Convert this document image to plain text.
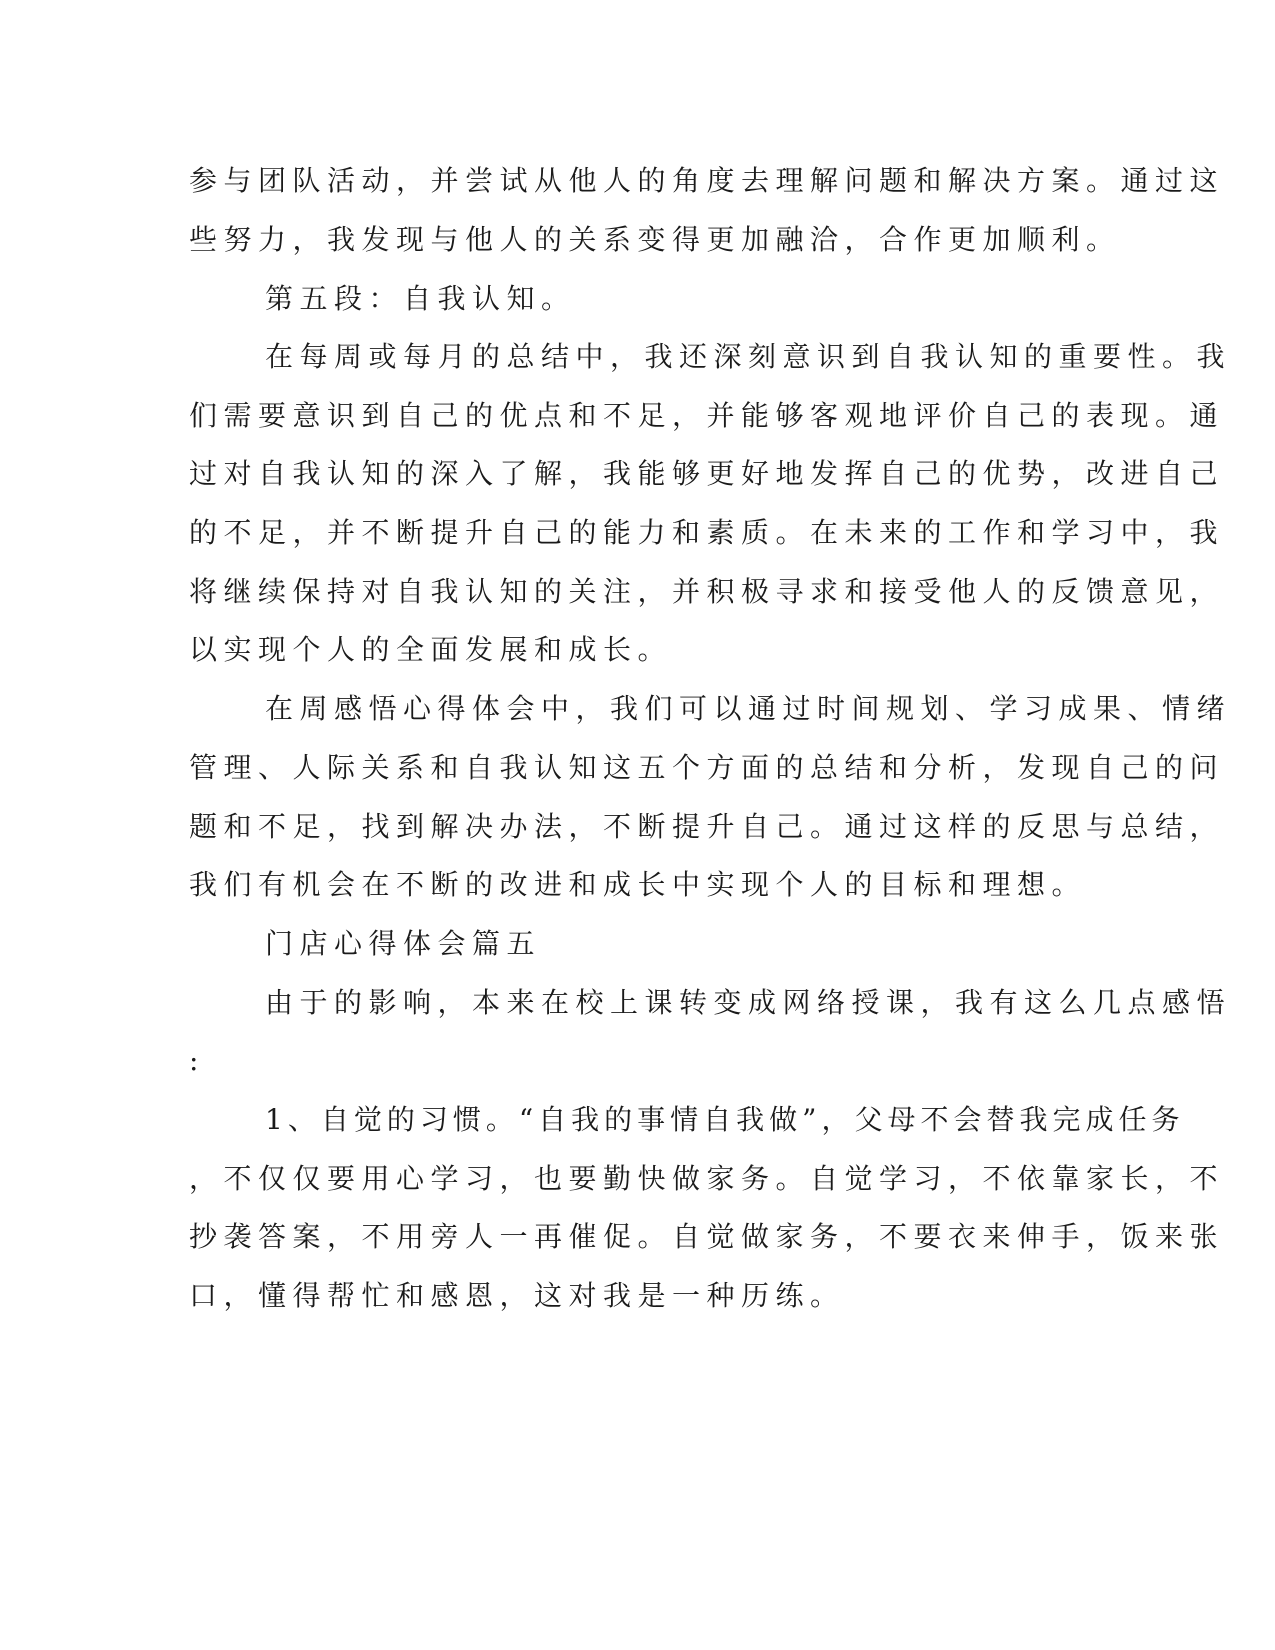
参与团队活动，并尝试从他人的角度去理解问题和解决方案。通过这
些努力，我发现与他人的关系变得更加融洽，合作更加顺利。
第五段：自我认知。
在每周或每月的总结中，我还深刻意识到自我认知的重要性。我
们需要意识到自己的优点和不足，并能够客观地评价自己的表现。通
过对自我认知的深入了解，我能够更好地发挥自己的优势，改进自己
的不足，并不断提升自己的能力和素质。在未来的工作和学习中，我
将继续保持对自我认知的关注，并积极寻求和接受他人的反馈意见，
以实现个人的全面发展和成长。
在周感悟心得体会中，我们可以通过时间规划、学习成果、情绪
管理、人际关系和自我认知这五个方面的总结和分析，发现自己的问
题和不足，找到解决办法，不断提升自己。通过这样的反思与总结，
我们有机会在不断的改进和成长中实现个人的目标和理想。
门店心得体会篇五
由于的影响，本来在校上课转变成网络授课，我有这么几点感悟
:
1、自觉的习惯。“自我的事情自我做”，父母不会替我完成任务
，不仅仅要用心学习，也要勤快做家务。自觉学习，不依靠家长，不
抄袭答案，不用旁人一再催促。自觉做家务，不要衣来伸手，饭来张
口，懂得帮忙和感恩，这对我是一种历练。
